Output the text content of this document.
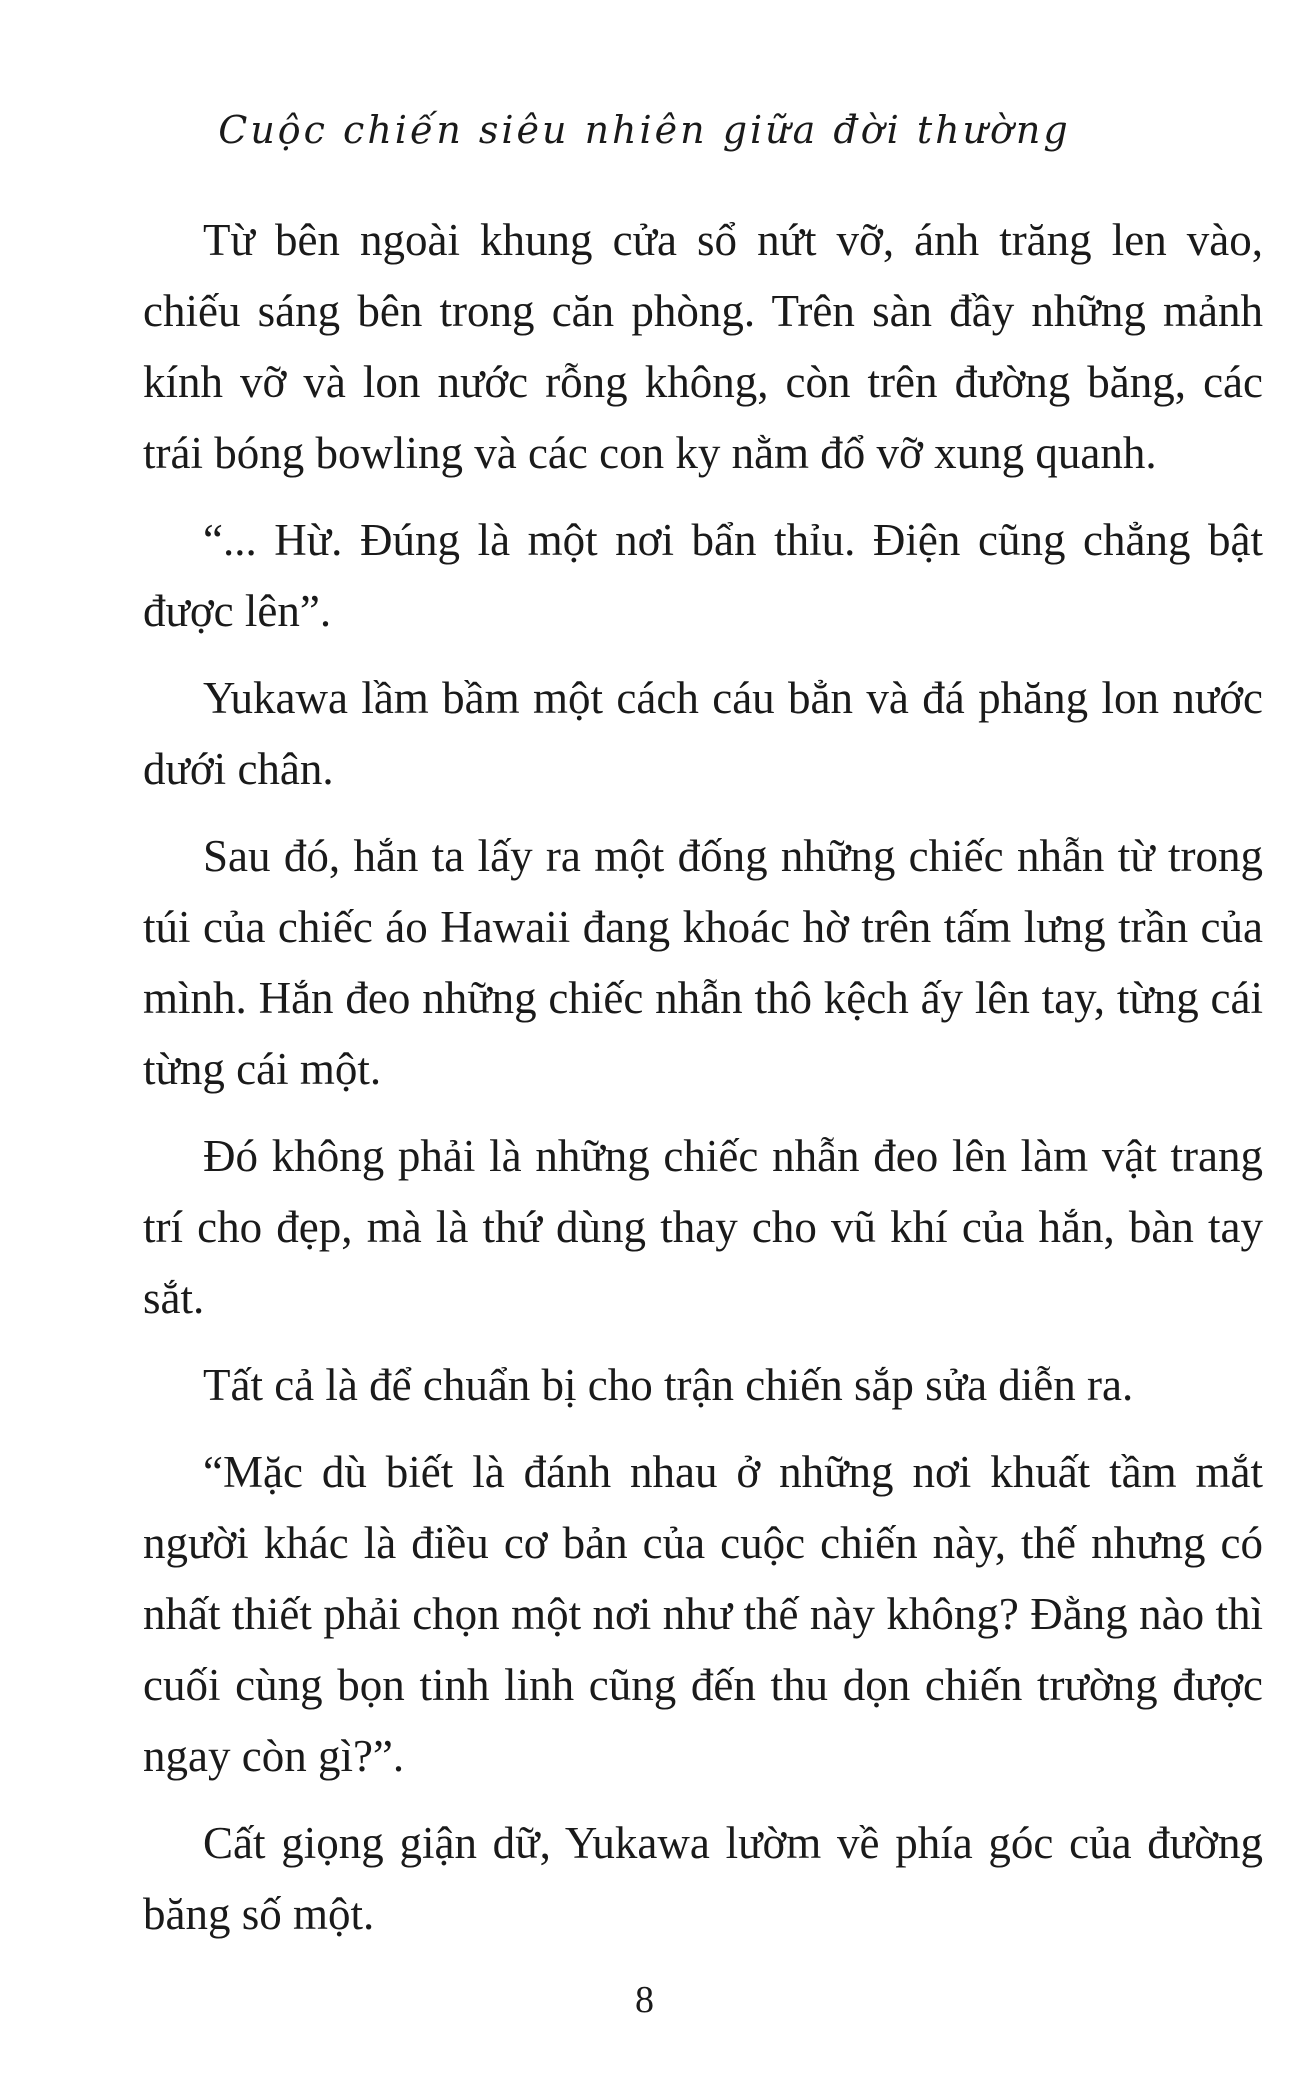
Cuộc chiến siêu nhiên giữa đời thường

Từ bên ngoài khung cửa sổ nứt vỡ, ánh trăng len vào, chiếu sáng bên trong căn phòng. Trên sàn đầy những mảnh kính vỡ và lon nước rỗng không, còn trên đường băng, các trái bóng bowling và các con ky nằm đổ vỡ xung quanh.

“... Hừ. Đúng là một nơi bẩn thỉu. Điện cũng chẳng bật được lên”.

Yukawa lầm bầm một cách cáu bẳn và đá phăng lon nước dưới chân.

Sau đó, hắn ta lấy ra một đống những chiếc nhẫn từ trong túi của chiếc áo Hawaii đang khoác hờ trên tấm lưng trần của mình. Hắn đeo những chiếc nhẫn thô kệch ấy lên tay, từng cái từng cái một.

Đó không phải là những chiếc nhẫn đeo lên làm vật trang trí cho đẹp, mà là thứ dùng thay cho vũ khí của hắn, bàn tay sắt.

Tất cả là để chuẩn bị cho trận chiến sắp sửa diễn ra.

“Mặc dù biết là đánh nhau ở những nơi khuất tầm mắt người khác là điều cơ bản của cuộc chiến này, thế nhưng có nhất thiết phải chọn một nơi như thế này không? Đằng nào thì cuối cùng bọn tinh linh cũng đến thu dọn chiến trường được ngay còn gì?”.

Cất giọng giận dữ, Yukawa lườm về phía góc của đường băng số một.

8
